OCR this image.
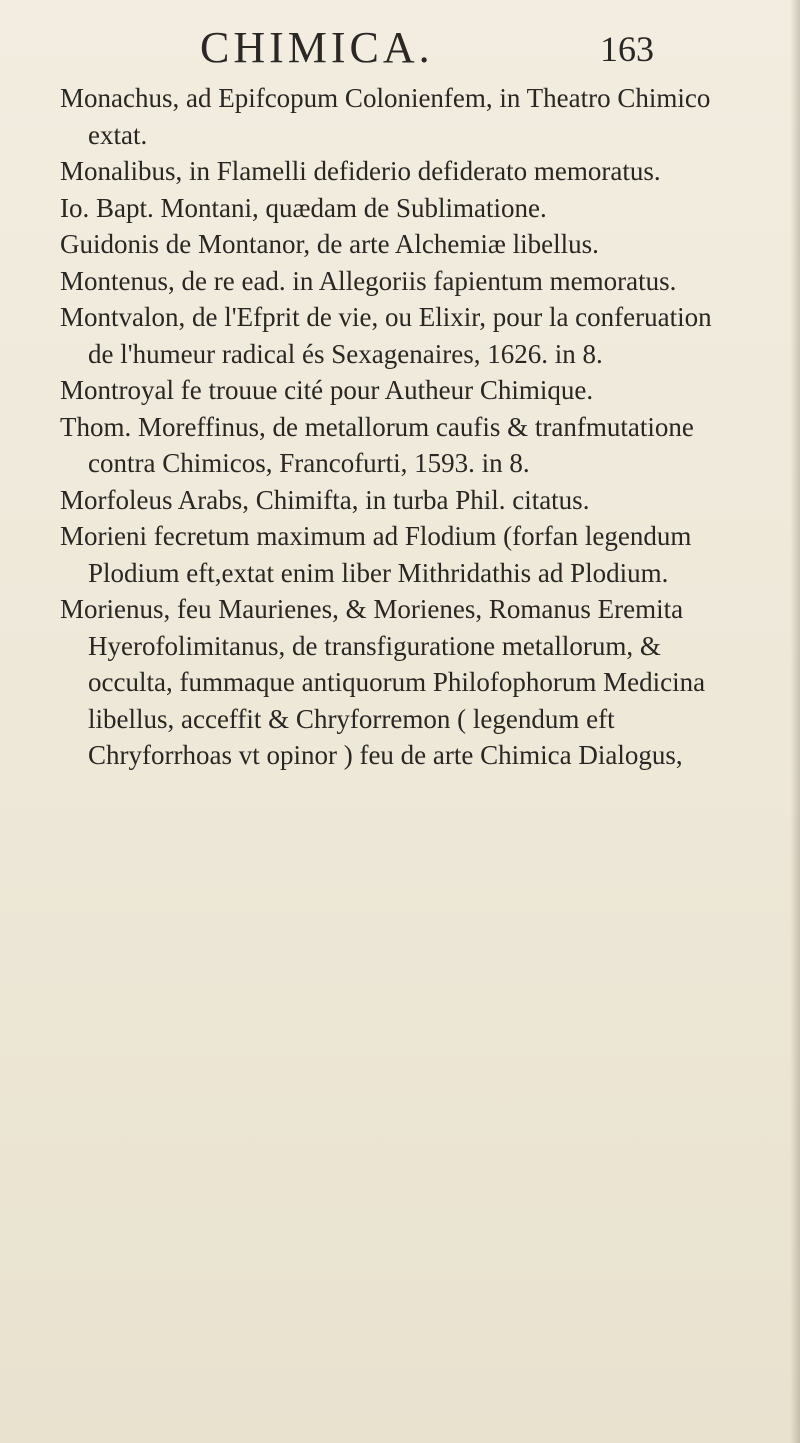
CHIMICA.	163
Monachus, ad Epifcopum Colonienfem, in Theatro Chimico extat.
Monalibus, in Flamelli defiderio defiderato memoratus.
Io. Bapt. Montani, quædam de Sublimatione.
Guidonis de Montanor, de arte Alchemiæ libellus.
Montenus, de re ead. in Allegoriis fapientum memoratus.
Montvalon, de l'Efprit de vie, ou Elixir, pour la conferuation de l'humeur radical és Sexagenaires, 1626. in 8.
Montroyal fe trouue cité pour Autheur Chimique.
Thom. Moreffinus, de metallorum caufis & tranfmutatione contra Chimicos, Francofurti, 1593. in 8.
Morfoleus Arabs, Chimifta, in turba Phil. citatus.
Morieni fecretum maximum ad Flodium (forfan legendum Plodium eft,extat enim liber Mithridathis ad Plodium.
Morienus, feu Maurienes, & Morienes, Romanus Eremita Hyerofolimitanus, de transfiguratione metallorum, & occulta, fummaque antiquorum Philofophorum Medicina libellus, acceffit & Chryforremon ( legendum eft Chryforrhoas vt opinor ) feu de arte Chimica Dialogus,
